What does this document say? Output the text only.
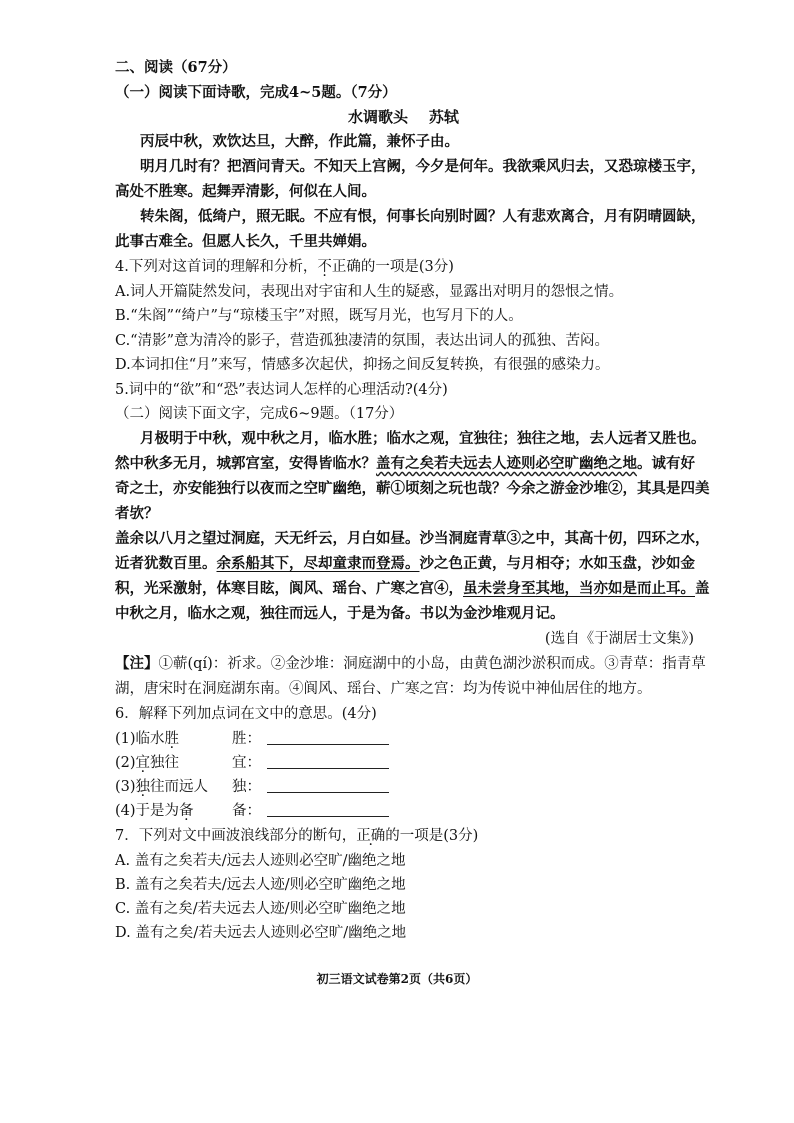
二、阅读（67分）
（一）阅读下面诗歌，完成4~5题。（7分）
水调歌头 苏轼
丙辰中秋，欢饮达旦，大醉，作此篇，兼怀子由。
明月几时有？把酒问青天。不知天上宫阙，今夕是何年。我欲乘风归去，又恐琼楼玉宇，
高处不胜寒。起舞弄清影，何似在人间。
转朱阁，低绮户，照无眠。不应有恨，何事长向别时圆？人有悲欢离合，月有阴晴圆缺，
此事古难全。但愿人长久，千里共婵娟。
4.下列对这首词的理解和分析，不正确的一项是(3分)
A.词人开篇陡然发问，表现出对宇宙和人生的疑惑，显露出对明月的怨恨之情。
B.“朱阁”“绮户”与“琼楼玉宇”对照，既写月光，也写月下的人。
C.“清影”意为清冷的影子，营造孤独凄清的氛围，表达出词人的孤独、苦闷。
D.本词扣住“月”来写，情感多次起伏，抑扬之间反复转换，有很强的感染力。
5.词中的“欲”和“恐”表达词人怎样的心理活动?(4分)
（二）阅读下面文字，完成6~9题。（17分）
月极明于中秋，观中秋之月，临水胜；临水之观，宜独往；独往之地，去人远者又胜也。
然中秋多无月，城郭宫室，安得皆临水？盖有之矣若夫远去人迹则必空旷幽绝之地。诚有好
奇之士，亦安能独行以夜而之空旷幽绝，蕲①顷刻之玩也哉？今余之游金沙堆②，其具是四美
者欤？
盖余以八月之望过洞庭，天无纤云，月白如昼。沙当洞庭青草③之中，其高十仞，四环之水，
近者犹数百里。余系船其下，尽却童隶而登焉。沙之色正黄，与月相夺；水如玉盘，沙如金
积，光采激射，体寒目眩，阆风、瑶台、广寒之宫④，虽未尝身至其地，当亦如是而止耳。盖
中秋之月，临水之观，独往而远人，于是为备。书以为金沙堆观月记。
(选自《于湖居士文集》)
【注】①蕲(qí)：祈求。②金沙堆：洞庭湖中的小岛，由黄色湖沙淤积而成。③青草：指青草
湖，唐宋时在洞庭湖东南。④阆风、瑶台、广寒之宫：均为传说中神仙居住的地方。
6．解释下列加点词在文中的意思。(4分)
(1)临水胜	胜：
(2)宜独往	宜：
(3)独往而远人 独：
(4)于是为备	备：
7．下列对文中画波浪线部分的断句，正确的一项是(3分)
A. 盖有之矣若夫/远去人迹则必空旷/幽绝之地
B. 盖有之矣若夫/远去人迹/则必空旷幽绝之地
C. 盖有之矣/若夫远去人迹/则必空旷幽绝之地
D. 盖有之矣/若夫远去人迹则必空旷/幽绝之地
初三语文试卷第2页（共6页）
